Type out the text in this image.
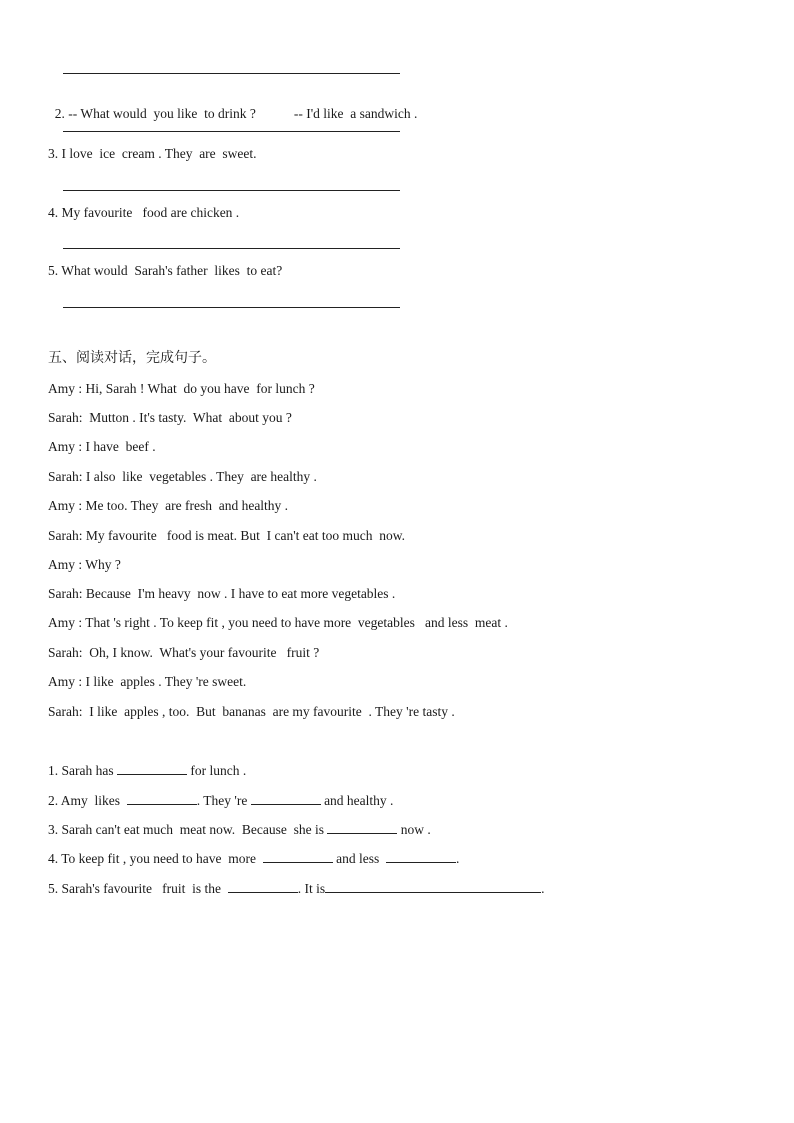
2. -- What would  you like  to drink ?	-- I'd like  a sandwich .

3. I love  ice  cream . They  are  sweet.
4. My favourite   food are chicken .
5. What would  Sarah's father  likes  to eat?
五、阅读对话，完成句子。
Amy : Hi, Sarah ! What  do you have  for lunch ?
Sarah:  Mutton . It's tasty.  What  about you ?
Amy : I have  beef .
Sarah: I also  like  vegetables . They  are healthy .
Amy : Me too. They  are fresh  and healthy .
Sarah: My favourite   food is meat. But  I can't eat too much  now.
Amy : Why ?
Sarah: Because  I'm heavy  now . I have to eat more vegetables .
Amy : That 's right . To keep fit , you need to have more  vegetables   and less  meat .
Sarah:  Oh, I know.  What's your favourite   fruit ?
Amy : I like  apples . They 're sweet.
Sarah:  I like  apples , too.  But  bananas  are my favourite  . They 're tasty .
1. Sarah has	for lunch .
2. Amy  likes	. They 're	and healthy .
3. Sarah can't eat much  meat now.  Because  she is	now .
4. To keep fit , you need to have  more	and less	.
5. Sarah's favourite   fruit  is the	. It is	.
